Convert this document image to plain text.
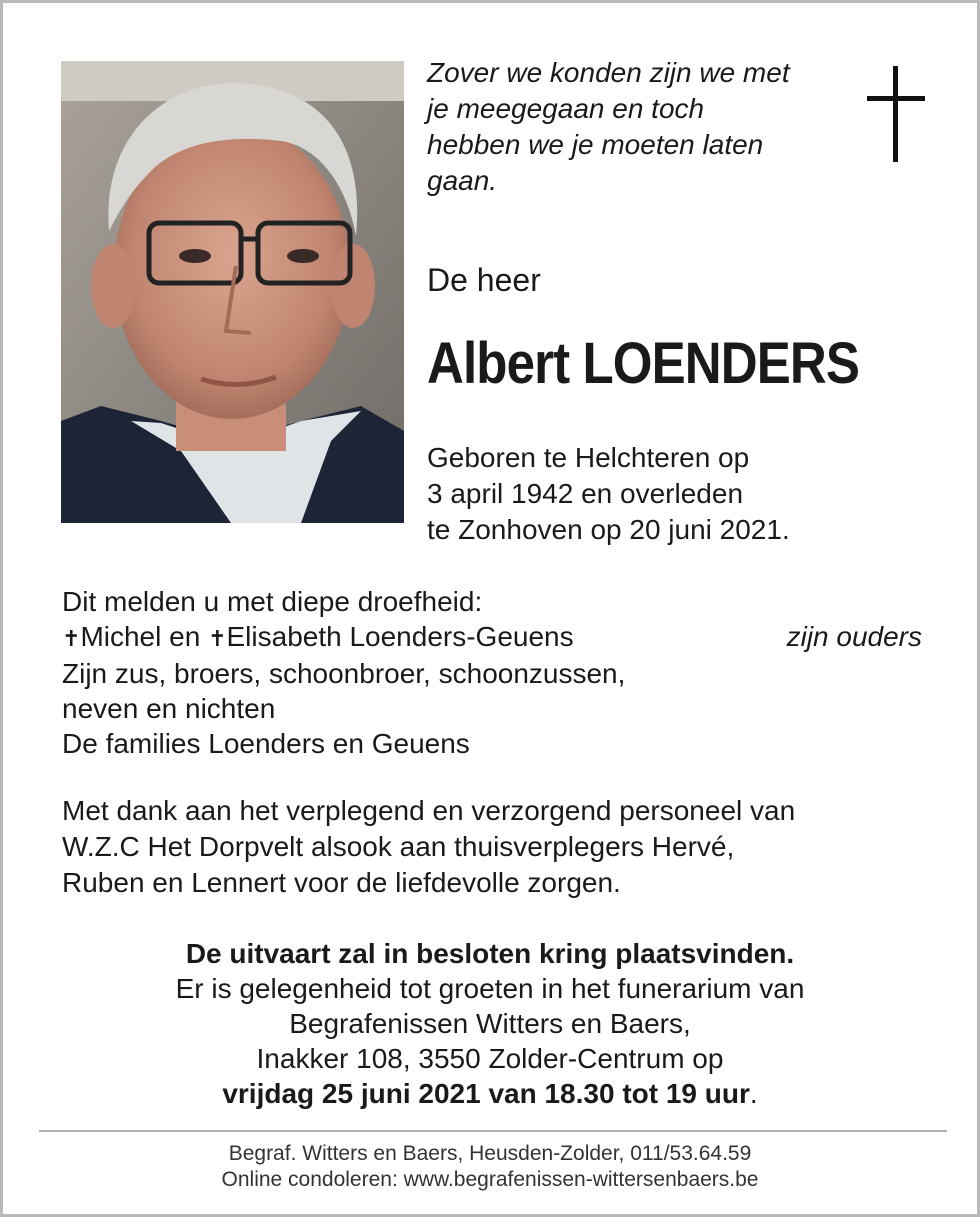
Zover we konden zijn we met
je meegegaan en toch
hebben we je moeten laten
gaan.
De heer
Albert LOENDERS
Geboren te Helchteren op
3 april 1942 en overleden
te Zonhoven op 20 juni 2021.
Dit melden u met diepe droefheid:
✝Michel en ✝Elisabeth Loenders-Geuens	zijn ouders
Zijn zus, broers, schoonbroer, schoonzussen,
neven en nichten
De families Loenders en Geuens
Met dank aan het verplegend en verzorgend personeel van
W.Z.C Het Dorpvelt alsook aan thuisverplegers Hervé,
Ruben en Lennert voor de liefdevolle zorgen.
De uitvaart zal in besloten kring plaatsvinden.
Er is gelegenheid tot groeten in het funerarium van
Begrafenissen Witters en Baers,
Inakker 108, 3550 Zolder-Centrum op
vrijdag 25 juni 2021 van 18.30 tot 19 uur.
Begraf. Witters en Baers, Heusden-Zolder, 011/53.64.59
Online condoleren: www.begrafenissen-wittersenbaers.be
